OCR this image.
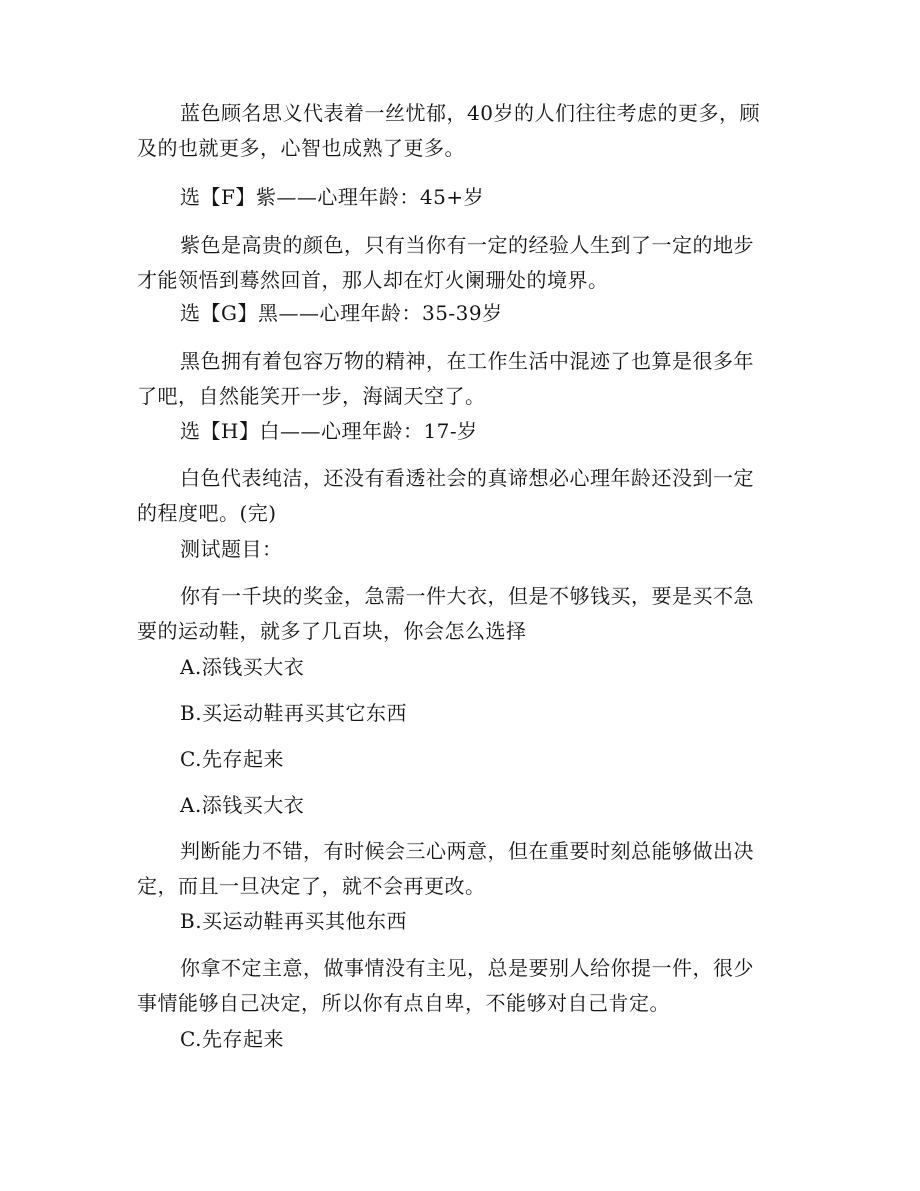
蓝色顾名思义代表着一丝忧郁，40岁的人们往往考虑的更多，顾
及的也就更多，心智也成熟了更多。
选【F】紫——心理年龄：45+岁
紫色是高贵的颜色，只有当你有一定的经验人生到了一定的地步
才能领悟到蓦然回首，那人却在灯火阑珊处的境界。
选【G】黑——心理年龄：35-39岁
黑色拥有着包容万物的精神，在工作生活中混迹了也算是很多年
了吧，自然能笑开一步，海阔天空了。
选【H】白——心理年龄：17-岁
白色代表纯洁，还没有看透社会的真谛想必心理年龄还没到一定
的程度吧。(完)
测试题目：
你有一千块的奖金，急需一件大衣，但是不够钱买，要是买不急
要的运动鞋，就多了几百块，你会怎么选择
A.添钱买大衣
B.买运动鞋再买其它东西
C.先存起来
A.添钱买大衣
判断能力不错，有时候会三心两意，但在重要时刻总能够做出决
定，而且一旦决定了，就不会再更改。
B.买运动鞋再买其他东西
你拿不定主意，做事情没有主见，总是要别人给你提一件，很少
事情能够自己决定，所以你有点自卑，不能够对自己肯定。
C.先存起来
